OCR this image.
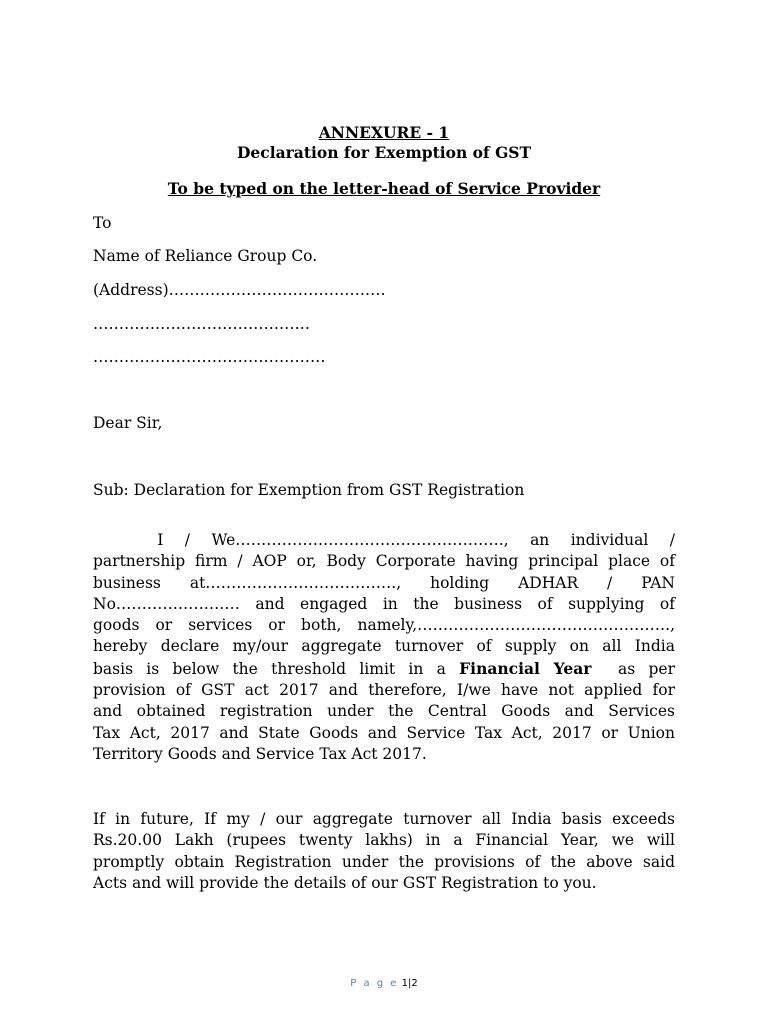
ANNEXURE - 1
Declaration for Exemption of GST
To be typed on the letter-head of Service Provider
To
Name of Reliance Group Co.
(Address)……………………………………
……………………………………
………………………………………
Dear Sir,
Sub: Declaration for Exemption from GST Registration
I / We……………………………………………., an individual /
partnership firm / AOP or, Body Corporate having principal place of
business at………………………………., holding ADHAR / PAN
No…………………… and engaged in the business of supplying of
goods or services or both, namely,………………………………………….,
hereby declare my/our aggregate turnover of supply on all India
basis is below the threshold limit in a Financial Year  as per
provision of GST act 2017 and therefore, I/we have not applied for
and obtained registration under the Central Goods and Services
Tax Act, 2017 and State Goods and Service Tax Act, 2017 or Union
Territory Goods and Service Tax Act 2017.
If in future, If my / our aggregate turnover all India basis exceeds
Rs.20.00 Lakh (rupees twenty lakhs) in a Financial Year, we will
promptly obtain Registration under the provisions of the above said
Acts and will provide the details of our GST Registration to you.
P a g e 1|2
